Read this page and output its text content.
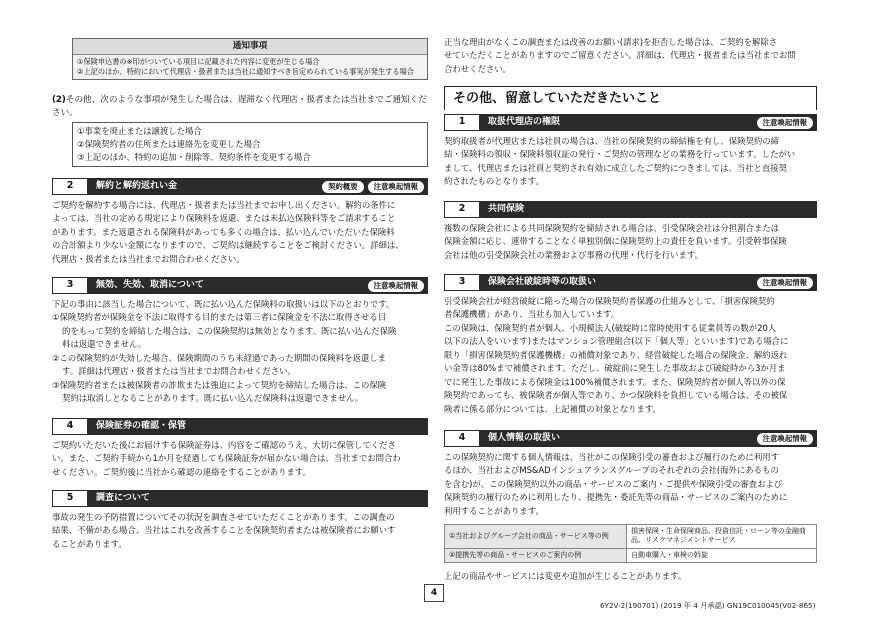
通知事項
①保険申込書の※印がついている項目に記載された内容に変更が生じる場合
②上記のほか、特約において代理店・扱者または当社に通知すべき旨定められている事実が発生する場合
(2)その他、次のような事項が発生した場合は、遅滞なく代理店・扱者または当社までご通知ください。
①事業を廃止または譲渡した場合
②保険契約者の住所または連絡先を変更した場合
③上記のほか、特約の追加・削除等、契約条件を変更する場合
2	解約と解約返れい金	契約概要	注意喚起情報

ご契約を解約する場合には、代理店・扱者または当社までお申し出ください。解約の条件に

よっては、当社の定める規定により保険料を返還、または未払込保険料等をご請求すること

があります。また返還される保険料があっても多くの場合は、払い込んでいただいた保険料

の合計額より少ない金額になりますので、ご契約は継続することをご検討ください。詳細は、

代理店・扱者または当社までお問合わせください。

3	無効、失効、取消について	注意喚起情報

下記の事由に該当した場合について、既に払い込んだ保険料の取扱いは以下のとおりです。

①保険契約者が保険金を不法に取得する目的または第三者に保険金を不法に取得させる目

的をもって契約を締結した場合は、この保険契約は無効となります。既に払い込んだ保険

料は返還できません。

②この保険契約が失効した場合、保険期間のうち未経過であった期間の保険料を返還しま

す。詳細は代理店・扱者または当社までお問合わせください。

③保険契約者または被保険者の詐欺または強迫によって契約を締結した場合は、この保険

契約は取消しとなることがあります。既に払い込んだ保険料は返還できません。

4	保険証券の確認・保管

ご契約いただいた後にお届けする保険証券は、内容をご確認のうえ、大切に保管してくださ

い。また、ご契約手続から1か月を経過しても保険証券が届かない場合は、当社までお問合わ

せください。ご契約後に当社から確認の連絡をすることがあります。

5	調査について

事故の発生の予防措置についてその状況を調査させていただくことがあります。この調査の

結果、不備がある場合、当社はこれを改善することを保険契約者または被保険者にお願いす

ることがあります。

正当な理由がなくこの調査または改善のお願い(請求)を拒否した場合は、ご契約を解除さ

せていただくことがありますのでご留意ください。詳細は、代理店・扱者または当社までお問

合わせください。

その他、留意していただきたいこと
1	取扱代理店の権限	注意喚起情報

契約取扱者が代理店または社員の場合は、当社の保険契約の締結権を有し、保険契約の締

結・保険料の領収・保険料領収証の発行・ご契約の管理などの業務を行っています。したがい

まして、代理店または社員と契約され有効に成立したご契約につきましては、当社と直接契

約されたものとなります。

2	共同保険

複数の保険会社による共同保険契約を締結される場合は、引受保険会社は分担割合または

保険金額に応じ、連帯することなく単独別個に保険契約上の責任を負います。引受幹事保険

会社は他の引受保険会社の業務および事務の代理・代行を行います。

3	保険会社破綻時等の取扱い	注意喚起情報

引受保険会社が経営破綻に陥った場合の保険契約者保護の仕組みとして、「損害保険契約

者保護機構」があり、当社も加入しています。

この保険は、保険契約者が個人、小規模法人(破綻時に常時使用する従業員等の数が20人

以下の法人をいいます)またはマンション管理組合(以下「個人等」といいます)である場合に

限り「損害保険契約者保護機構」の補償対象であり、経営破綻した場合の保険金、解約返れ

い金等は80%まで補償されます。ただし、破綻前に発生した事故および破綻時から3か月ま

でに発生した事故による保険金は100%補償されます。また、保険契約者が個人等以外の保

険契約であっても、被保険者が個人等であり、かつ保険料を負担している場合は、その被保

険者に係る部分については、上記補償の対象となります。

4	個人情報の取扱い	注意喚起情報

この保険契約に関する個人情報は、当社がこの保険引受の審査および履行のために利用す

るほか、当社およびMS&ADインシュアランスグループのそれぞれの会社(海外にあるもの

を含む)が、この保険契約以外の商品・サービスのご案内・ご提供や保険引受の審査および

保険契約の履行のために利用したり、提携先・委託先等の商品・サービスのご案内のために

利用することがあります。

①当社およびグループ会社の商品・サービス等の例	損害保険・生命保険商品、投資信託・ローン等の金融商品、リスクマネジメントサービス
②提携先等の商品・サービスのご案内の例	自動車購入・車検の斡旋
上記の商品やサービスには変更や追加が生じることがあります。
4
6Y2V-2(190701) (2019 年 4 月承認) GN19C010045(V02-865)
